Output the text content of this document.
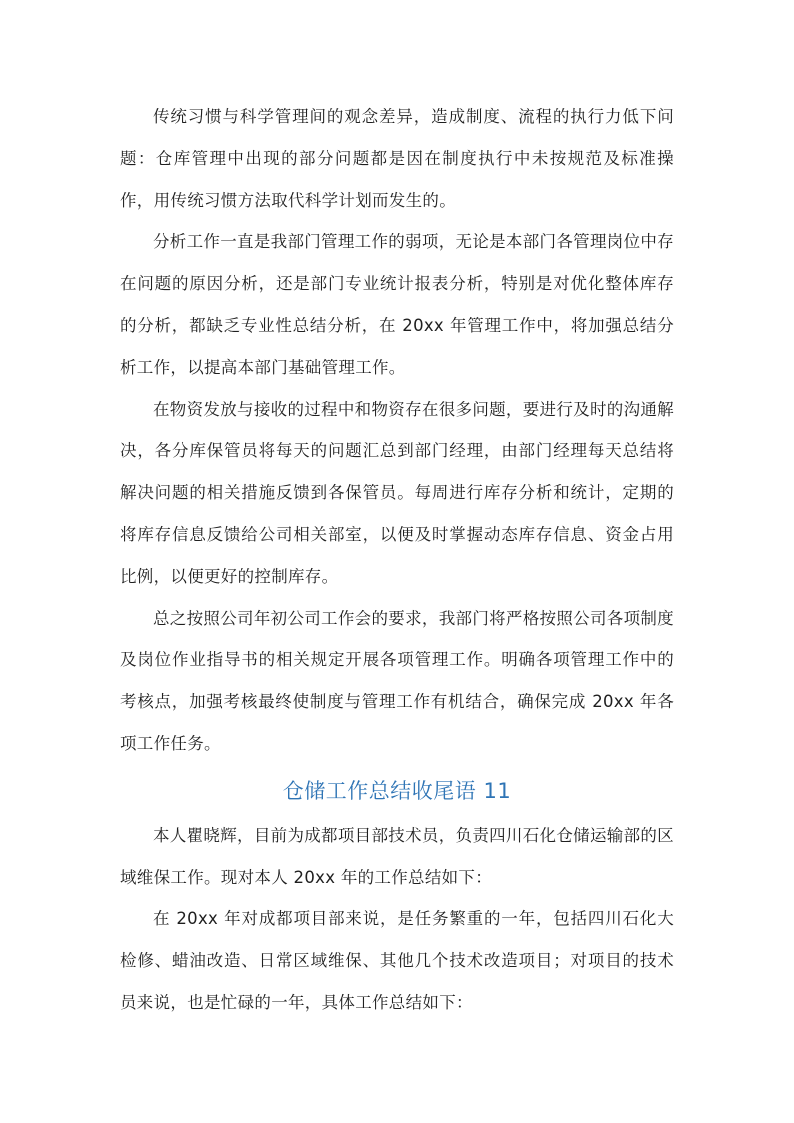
传统习惯与科学管理间的观念差异，造成制度、流程的执行力低下问题：仓库管理中出现的部分问题都是因在制度执行中未按规范及标准操作，用传统习惯方法取代科学计划而发生的。

分析工作一直是我部门管理工作的弱项，无论是本部门各管理岗位中存在问题的原因分析，还是部门专业统计报表分析，特别是对优化整体库存的分析，都缺乏专业性总结分析，在 20xx 年管理工作中，将加强总结分析工作，以提高本部门基础管理工作。

在物资发放与接收的过程中和物资存在很多问题，要进行及时的沟通解决，各分库保管员将每天的问题汇总到部门经理，由部门经理每天总结将解决问题的相关措施反馈到各保管员。每周进行库存分析和统计，定期的将库存信息反馈给公司相关部室，以便及时掌握动态库存信息、资金占用比例，以便更好的控制库存。

总之按照公司年初公司工作会的要求，我部门将严格按照公司各项制度及岗位作业指导书的相关规定开展各项管理工作。明确各项管理工作中的考核点，加强考核最终使制度与管理工作有机结合，确保完成 20xx 年各项工作任务。

仓储工作总结收尾语 11

本人瞿晓辉，目前为成都项目部技术员，负责四川石化仓储运输部的区域维保工作。现对本人 20xx 年的工作总结如下：

在 20xx 年对成都项目部来说，是任务繁重的一年，包括四川石化大检修、蜡油改造、日常区域维保、其他几个技术改造项目；对项目的技术员来说，也是忙碌的一年，具体工作总结如下：
